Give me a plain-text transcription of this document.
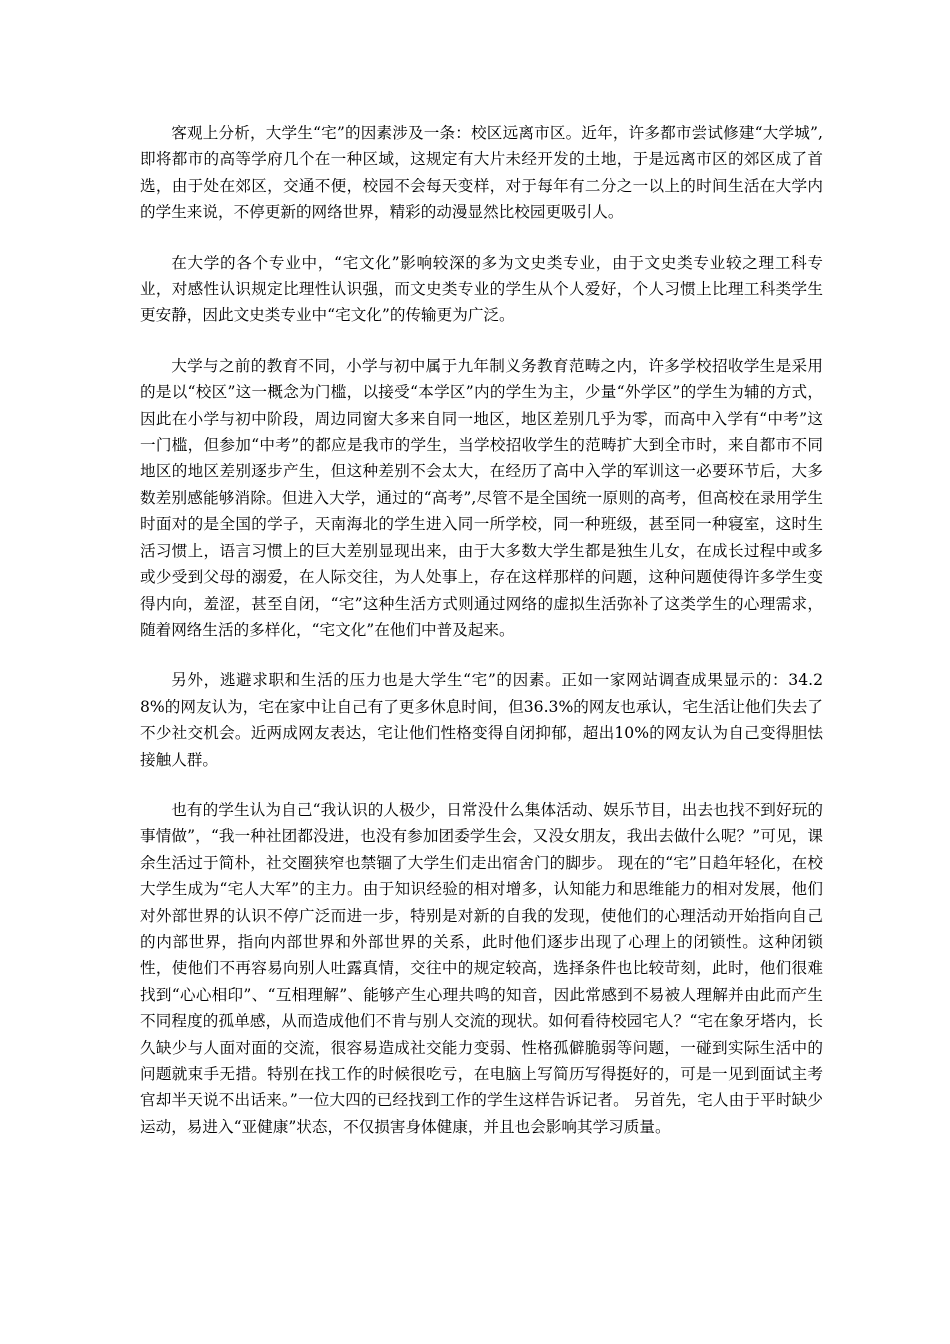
客观上分析，大学生“宅”的因素涉及一条：校区远离市区。近年，许多都市尝试修建“大学城”,即将都市的高等学府几个在一种区域，这规定有大片未经开发的土地，于是远离市区的郊区成了首选，由于处在郊区，交通不便，校园不会每天变样，对于每年有二分之一以上的时间生活在大学内的学生来说，不停更新的网络世界，精彩的动漫显然比校园更吸引人。

在大学的各个专业中，“宅文化”影响较深的多为文史类专业，由于文史类专业较之理工科专业，对感性认识规定比理性认识强，而文史类专业的学生从个人爱好，个人习惯上比理工科类学生更安静，因此文史类专业中“宅文化”的传输更为广泛。

大学与之前的教育不同，小学与初中属于九年制义务教育范畴之内，许多学校招收学生是采用的是以“校区”这一概念为门槛，以接受“本学区”内的学生为主，少量“外学区”的学生为辅的方式，因此在小学与初中阶段，周边同窗大多来自同一地区，地区差别几乎为零，而高中入学有“中考”这一门槛，但参加“中考”的都应是我市的学生，当学校招收学生的范畴扩大到全市时，来自都市不同地区的地区差别逐步产生，但这种差别不会太大，在经历了高中入学的军训这一必要环节后，大多数差别感能够消除。但进入大学，通过的“高考”,尽管不是全国统一原则的高考，但高校在录用学生时面对的是全国的学子，天南海北的学生进入同一所学校，同一种班级，甚至同一种寝室，这时生活习惯上，语言习惯上的巨大差别显现出来，由于大多数大学生都是独生儿女，在成长过程中或多或少受到父母的溺爱，在人际交往，为人处事上，存在这样那样的问题，这种问题使得许多学生变得内向，羞涩，甚至自闭，“宅”这种生活方式则通过网络的虚拟生活弥补了这类学生的心理需求，随着网络生活的多样化，“宅文化”在他们中普及起来。

另外，逃避求职和生活的压力也是大学生“宅”的因素。正如一家网站调查成果显示的：34.28%的网友认为，宅在家中让自己有了更多休息时间，但36.3%的网友也承认，宅生活让他们失去了不少社交机会。近两成网友表达，宅让他们性格变得自闭抑郁，超出10%的网友认为自己变得胆怯接触人群。

也有的学生认为自己“我认识的人极少，日常没什么集体活动、娱乐节目，出去也找不到好玩的事情做”，“我一种社团都没进，也没有参加团委学生会，又没女朋友，我出去做什么呢？”可见，课余生活过于简朴，社交圈狭窄也禁锢了大学生们走出宿舍门的脚步。 现在的“宅”日趋年轻化，在校大学生成为“宅人大军”的主力。由于知识经验的相对增多，认知能力和思维能力的相对发展，他们对外部世界的认识不停广泛而进一步，特别是对新的自我的发现，使他们的心理活动开始指向自己的内部世界，指向内部世界和外部世界的关系，此时他们逐步出现了心理上的闭锁性。这种闭锁性，使他们不再容易向别人吐露真情，交往中的规定较高，选择条件也比较苛刻，此时，他们很难找到“心心相印”、“互相理解”、能够产生心理共鸣的知音，因此常感到不易被人理解并由此而产生不同程度的孤单感，从而造成他们不肯与别人交流的现状。如何看待校园宅人？“宅在象牙塔内，长久缺少与人面对面的交流，很容易造成社交能力变弱、性格孤僻脆弱等问题，一碰到实际生活中的问题就束手无措。特别在找工作的时候很吃亏，在电脑上写简历写得挺好的，可是一见到面试主考官却半天说不出话来。”一位大四的已经找到工作的学生这样告诉记者。 另首先，宅人由于平时缺少运动，易进入“亚健康”状态，不仅损害身体健康，并且也会影响其学习质量。
